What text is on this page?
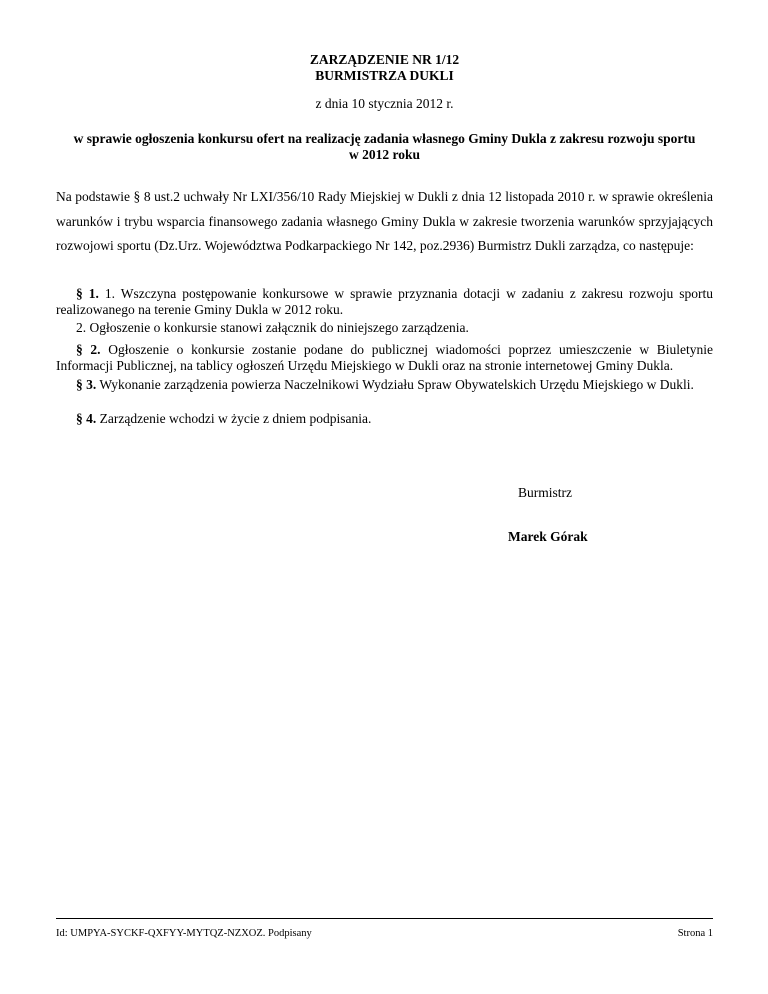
ZARZĄDZENIE NR 1/12
BURMISTRZA DUKLI
z dnia 10 stycznia 2012 r.
w sprawie ogłoszenia konkursu ofert na realizację zadania własnego Gminy Dukla z zakresu rozwoju sportu
w 2012 roku
Na podstawie § 8 ust.2 uchwały Nr LXI/356/10 Rady Miejskiej w Dukli z dnia 12 listopada 2010 r. w sprawie określenia warunków i trybu wsparcia finansowego zadania własnego Gminy Dukla w zakresie tworzenia warunków sprzyjających rozwojowi sportu (Dz.Urz. Województwa Podkarpackiego Nr 142, poz.2936) Burmistrz Dukli zarządza, co następuje:
§ 1. 1. Wszczyna postępowanie konkursowe w sprawie przyznania dotacji w zadaniu z zakresu rozwoju sportu realizowanego na terenie Gminy Dukla w 2012 roku.
2. Ogłoszenie o konkursie stanowi załącznik do niniejszego zarządzenia.
§ 2. Ogłoszenie o konkursie zostanie podane do publicznej wiadomości poprzez umieszczenie w Biuletynie Informacji Publicznej, na tablicy ogłoszeń Urzędu Miejskiego w Dukli oraz na stronie internetowej Gminy Dukla.
§ 3. Wykonanie zarządzenia powierza Naczelnikowi Wydziału Spraw Obywatelskich Urzędu Miejskiego w Dukli.
§ 4. Zarządzenie wchodzi w życie z dniem podpisania.
Burmistrz
Marek Górak
Id: UMPYA-SYCKF-QXFYY-MYTQZ-NZXOZ. Podpisany	Strona 1
